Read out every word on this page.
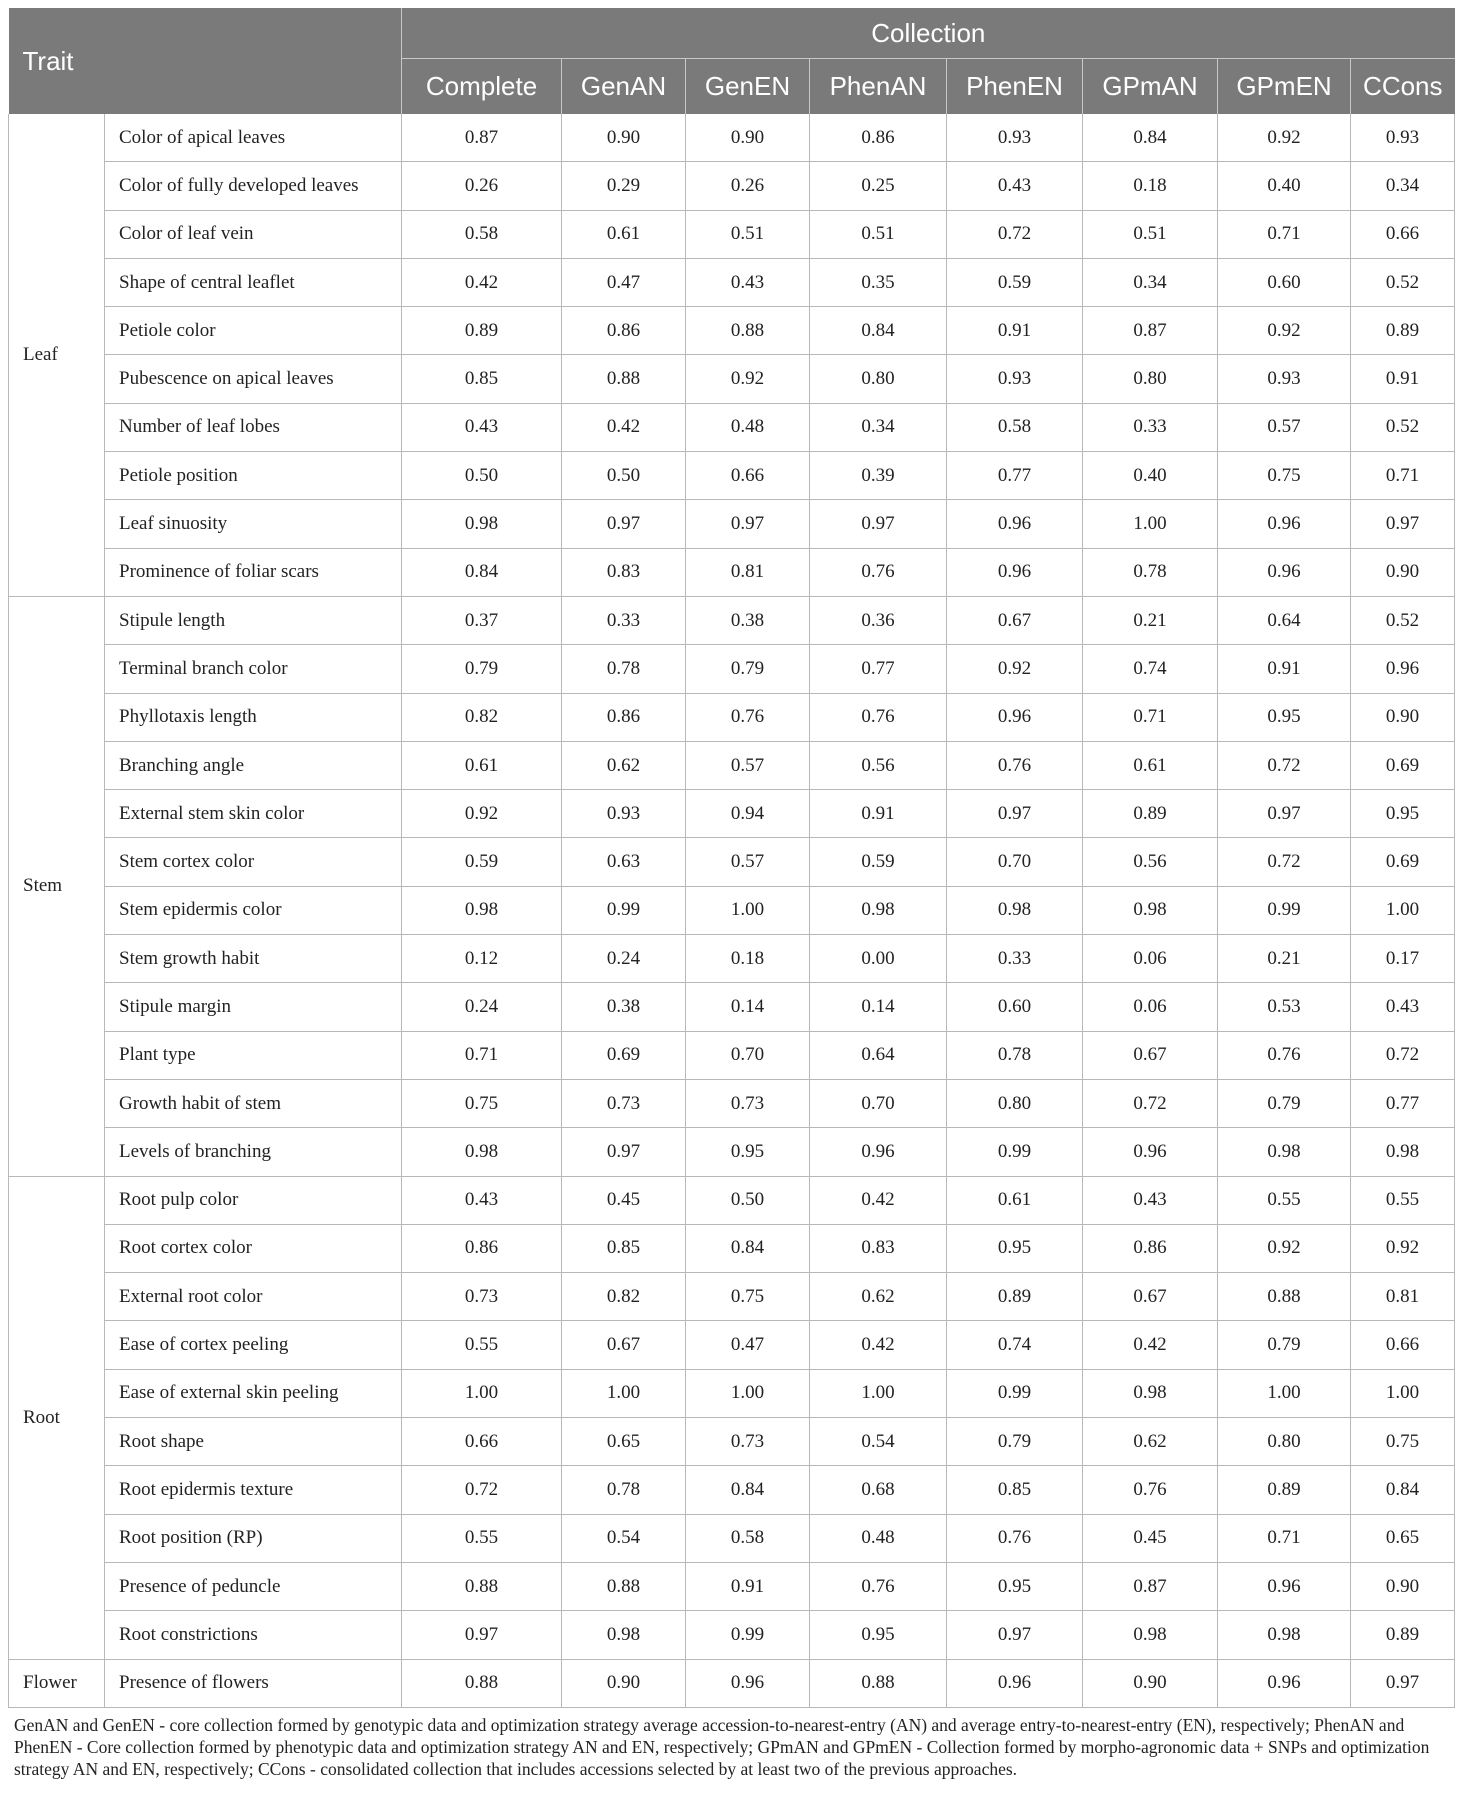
Trait		Collection							
		Complete	GenAN	GenEN	PhenAN	PhenEN	GPmAN	GPmEN	CCons
Leaf	Color of apical leaves	0.87	0.90	0.90	0.86	0.93	0.84	0.92	0.93
	Color of fully developed leaves	0.26	0.29	0.26	0.25	0.43	0.18	0.40	0.34
	Color of leaf vein	0.58	0.61	0.51	0.51	0.72	0.51	0.71	0.66
	Shape of central leaflet	0.42	0.47	0.43	0.35	0.59	0.34	0.60	0.52
	Petiole color	0.89	0.86	0.88	0.84	0.91	0.87	0.92	0.89
	Pubescence on apical leaves	0.85	0.88	0.92	0.80	0.93	0.80	0.93	0.91
	Number of leaf lobes	0.43	0.42	0.48	0.34	0.58	0.33	0.57	0.52
	Petiole position	0.50	0.50	0.66	0.39	0.77	0.40	0.75	0.71
	Leaf sinuosity	0.98	0.97	0.97	0.97	0.96	1.00	0.96	0.97
	Prominence of foliar scars	0.84	0.83	0.81	0.76	0.96	0.78	0.96	0.90
Stem	Stipule length	0.37	0.33	0.38	0.36	0.67	0.21	0.64	0.52
	Terminal branch color	0.79	0.78	0.79	0.77	0.92	0.74	0.91	0.96
	Phyllotaxis length	0.82	0.86	0.76	0.76	0.96	0.71	0.95	0.90
	Branching angle	0.61	0.62	0.57	0.56	0.76	0.61	0.72	0.69
	External stem skin color	0.92	0.93	0.94	0.91	0.97	0.89	0.97	0.95
	Stem cortex color	0.59	0.63	0.57	0.59	0.70	0.56	0.72	0.69
	Stem epidermis color	0.98	0.99	1.00	0.98	0.98	0.98	0.99	1.00
	Stem growth habit	0.12	0.24	0.18	0.00	0.33	0.06	0.21	0.17
	Stipule margin	0.24	0.38	0.14	0.14	0.60	0.06	0.53	0.43
	Plant type	0.71	0.69	0.70	0.64	0.78	0.67	0.76	0.72
	Growth habit of stem	0.75	0.73	0.73	0.70	0.80	0.72	0.79	0.77
	Levels of branching	0.98	0.97	0.95	0.96	0.99	0.96	0.98	0.98
Root	Root pulp color	0.43	0.45	0.50	0.42	0.61	0.43	0.55	0.55
	Root cortex color	0.86	0.85	0.84	0.83	0.95	0.86	0.92	0.92
	External root color	0.73	0.82	0.75	0.62	0.89	0.67	0.88	0.81
	Ease of cortex peeling	0.55	0.67	0.47	0.42	0.74	0.42	0.79	0.66
	Ease of external skin peeling	1.00	1.00	1.00	1.00	0.99	0.98	1.00	1.00
	Root shape	0.66	0.65	0.73	0.54	0.79	0.62	0.80	0.75
	Root epidermis texture	0.72	0.78	0.84	0.68	0.85	0.76	0.89	0.84
	Root position (RP)	0.55	0.54	0.58	0.48	0.76	0.45	0.71	0.65
	Presence of peduncle	0.88	0.88	0.91	0.76	0.95	0.87	0.96	0.90
	Root constrictions	0.97	0.98	0.99	0.95	0.97	0.98	0.98	0.89
Flower	Presence of flowers	0.88	0.90	0.96	0.88	0.96	0.90	0.96	0.97
GenAN and GenEN - core collection formed by genotypic data and optimization strategy average accession-to-nearest-entry (AN) and average entry-to-nearest-entry (EN), respectively; PhenAN and PhenEN - Core collection formed by phenotypic data and optimization strategy AN and EN, respectively; GPmAN and GPmEN - Collection formed by morpho-agronomic data + SNPs and optimization strategy AN and EN, respectively; CCons - consolidated collection that includes accessions selected by at least two of the previous approaches.
